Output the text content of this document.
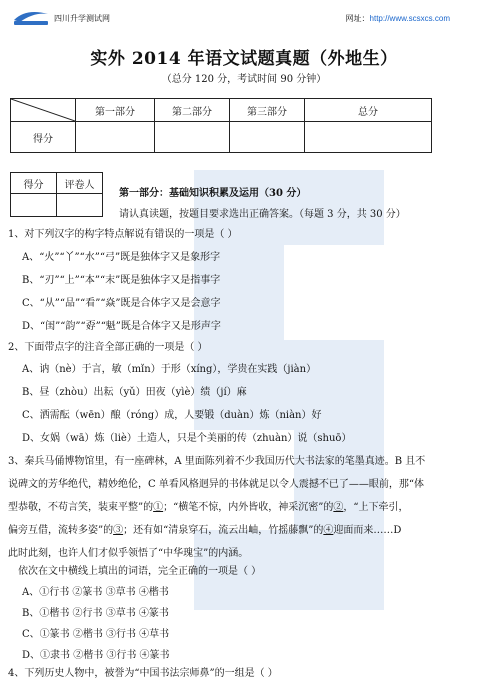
四川升学测试网	网址：http://www.scsxcs.com
实外 2014 年语文试题真题（外地生）
（总分 120 分，考试时间 90 分钟）
	第一部分	第二部分	第三部分	总分
得分				
得分	评卷人

第一部分：基础知识积累及运用（30 分）
请认真读题，按题目要求选出正确答案。（每题 3 分，共 30 分）
1、对下列汉字的构字特点解说有错误的一项是（ ）
A、“火”“丫”“水”“弓”既是独体字又是象形字
B、“刃”“上”“本”“末”既是独体字又是指事字
C、“从”“品”“看”“焱”既是合体字又是会意字
D、“闺”“韵”“孬”“魁”既是合体字又是形声字
2、下面带点字的注音全部正确的一项是（ ）
A、讷（nè）于言，敏（mǐn）于形（xíng），学贵在实践（jiàn）
B、昼（zhòu）出耘（yǔ）田夜（yìè）绩（jí）麻
C、洒需酝（wēn）酿（róng）成，人要锻（duàn）炼（niàn）好
D、女娲（wā）炼（liè）土造人，只是个美丽的传（zhuàn）说（shuō）
3、秦兵马俑博物馆里，有一座碑林，A 里面陈列着不少我国历代大书法家的笔墨真迹。B 且不
说碑文的芳华绝代，精妙绝伦，C 单看风格迥异的书体就足以令人震撼不已了——眼前，那“体
型恭敬，不苟言笑，装束平整”的①；“横笔不惊，内外皆收，神采沉密”的②，“上下牵引，
偏旁互借，流转多姿”的③；还有如“清泉穿石，流云出岫，竹摇藤飘”的④迎面而来……D
此时此刻，也许人们才似乎领悟了“中华瑰宝”的内涵。
依次在文中横线上填出的词语，完全正确的一项是（ ）
A、①行书 ②篆书 ③草书 ④楷书
B、①楷书 ②行书 ③草书 ④篆书
C、①篆书 ②楷书 ③行书 ④草书
D、①隶书 ②楷书 ③行书 ④篆书
4、下列历史人物中，被誉为“中国书法宗师鼻”的一组是（ ）
